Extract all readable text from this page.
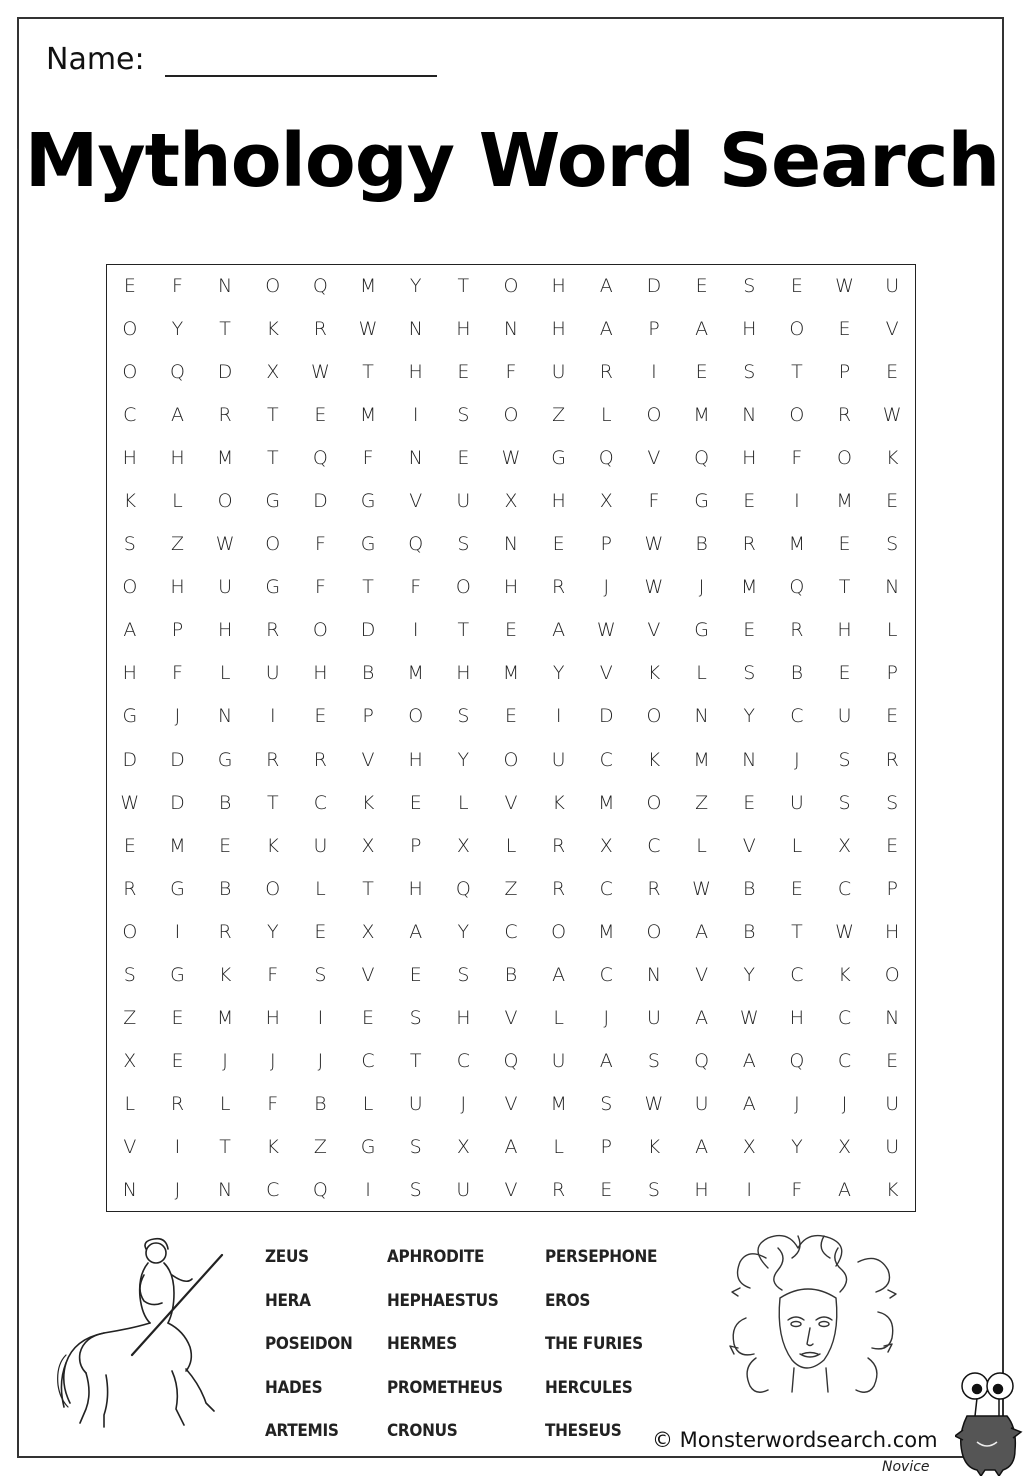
Name:
Mythology Word Search
E	F	N	O	Q	M	Y	T	O	H	A	D	E	S	E	W	U
O	Y	T	K	R	W	N	H	N	H	A	P	A	H	O	E	V
O	Q	D	X	W	T	H	E	F	U	R	I	E	S	T	P	E
C	A	R	T	E	M	I	S	O	Z	L	O	M	N	O	R	W
H	H	M	T	Q	F	N	E	W	G	Q	V	Q	H	F	O	K
K	L	O	G	D	G	V	U	X	H	X	F	G	E	I	M	E
S	Z	W	O	F	G	Q	S	N	E	P	W	B	R	M	E	S
O	H	U	G	F	T	F	O	H	R	J	W	J	M	Q	T	N
A	P	H	R	O	D	I	T	E	A	W	V	G	E	R	H	L
H	F	L	U	H	B	M	H	M	Y	V	K	L	S	B	E	P
G	J	N	I	E	P	O	S	E	I	D	O	N	Y	C	U	E
D	D	G	R	R	V	H	Y	O	U	C	K	M	N	J	S	R
W	D	B	T	C	K	E	L	V	K	M	O	Z	E	U	S	S
E	M	E	K	U	X	P	X	L	R	X	C	L	V	L	X	E
R	G	B	O	L	T	H	Q	Z	R	C	R	W	B	E	C	P
O	I	R	Y	E	X	A	Y	C	O	M	O	A	B	T	W	H
S	G	K	F	S	V	E	S	B	A	C	N	V	Y	C	K	O
Z	E	M	H	I	E	S	H	V	L	J	U	A	W	H	C	N
X	E	J	J	J	C	T	C	Q	U	A	S	Q	A	Q	C	E
L	R	L	F	B	L	U	J	V	M	S	W	U	A	J	J	U
V	I	T	K	Z	G	S	X	A	L	P	K	A	X	Y	X	U
N	J	N	C	Q	I	S	U	V	R	E	S	H	I	F	A	K
ZEUS
HERA
POSEIDON
HADES
ARTEMIS
APHRODITE
HEPHAESTUS
HERMES
PROMETHEUS
CRONUS
PERSEPHONE
EROS
THE FURIES
HERCULES
THESEUS	© Monsterwordsearch.com
Novice
